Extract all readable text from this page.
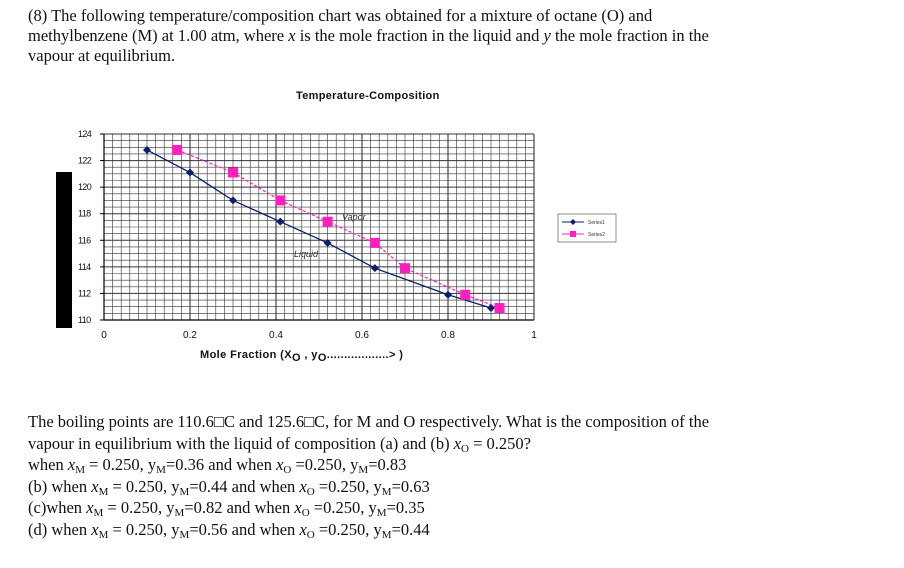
(8) The following temperature/composition chart was obtained for a mixture of octane (O) and

methylbenzene (M) at 1.00 atm, where x is the mole fraction in the liquid and y the mole fraction in the

vapour at equilibrium.

Temperature-Composition
110
112
114
116
118
120
122
124
0	0.2	0.4	0.6	0.8	1
Vapor
Liquid
Series1
Series2
Mole Fraction ($X_O$ , $y_O..................>$ )

The boiling points are 110.6□C and 125.6□C, for M and O respectively. What is the composition of the

vapour in equilibrium with the liquid of composition (a) and (b) $x_O = 0.250$?

when $x_M = 0.250$, $y_M=0.36$ and when $x_O =0.250$, $y_M=0.83$

(b) when $x_M = 0.250$, $y_M=0.44$ and when $x_O =0.250$, $y_M=0.63$

(c)when $x_M = 0.250$, $y_M=0.82$ and when $x_O =0.250$, $y_M=0.35$

(d) when $x_M = 0.250$, $y_M=0.56$ and when $x_O =0.250$, $y_M=0.44$
